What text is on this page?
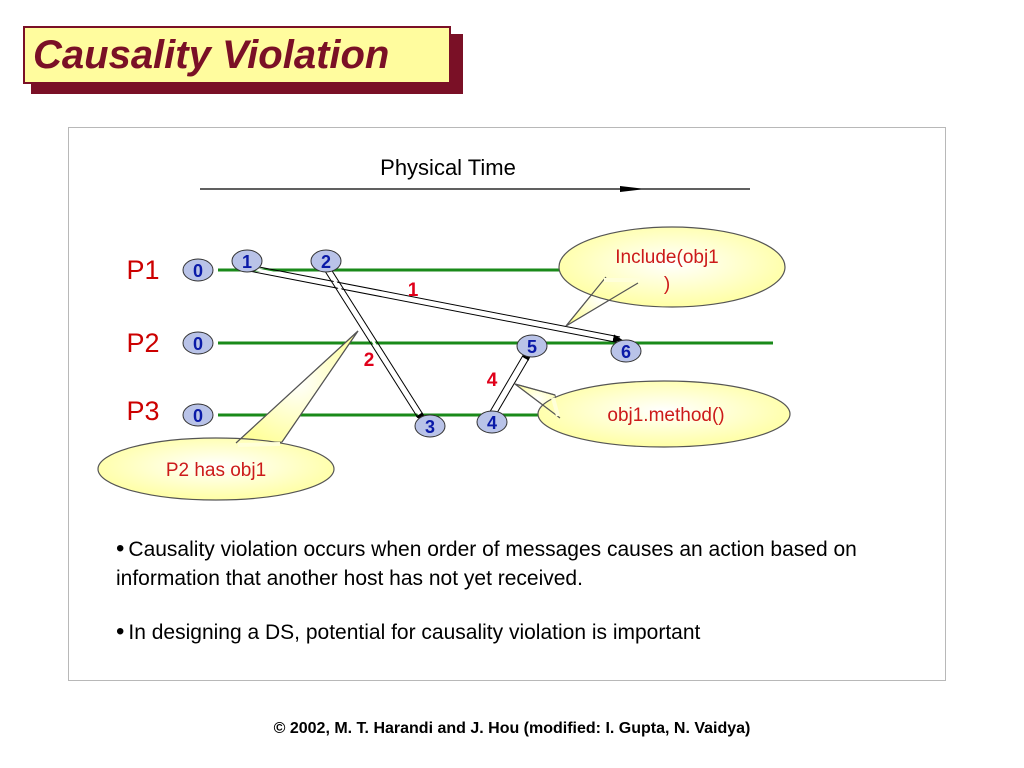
Causality Violation
Physical Time
P1
P2
P3
1
2
4
Include(obj1
)
obj1.method()
P2 has obj1
0
0
0
1	2
3	4
5	6
• Causality violation occurs when order of messages causes an action based on information that another host has not yet received.
• In designing a DS, potential for causality violation is important
© 2002, M. T. Harandi and J. Hou (modified: I. Gupta, N. Vaidya)
